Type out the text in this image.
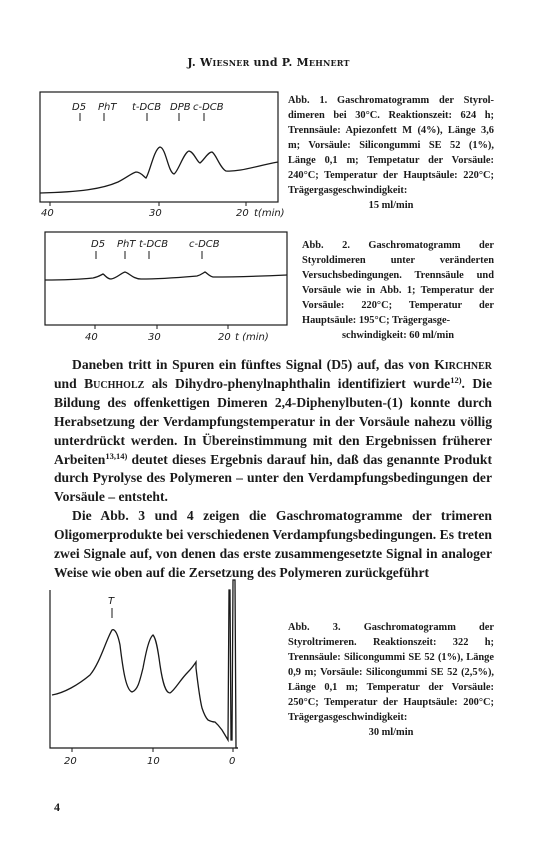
J. Wiesner und P. Mehnert
D5 PhT t-DCB DPB c-DCB
40	30	20 t(min)
Abb. 1. Gaschromatogramm der Styrol-dimeren bei 30°C. Reaktionszeit: 624 h; Trennsäule: Apiezonfett M (4%), Länge 3,6 m; Vorsäule: Silicongummi SE 52 (1%), Länge 0,1 m; Tempetatur der Vorsäule: 240°C; Temperatur der Hauptsäule: 220°C; Trägergasgeschwindigkeit:
15 ml/min
D5 PhT t-DCB c-DCB
40	30	20 t (min)
Abb. 2. Gaschromatogramm der Styroldimeren unter veränderten Versuchsbedingungen. Trennsäule und Vorsäule wie in Abb. 1; Temperatur der Vorsäule: 220°C; Temperatur der Hauptsäule: 195°C; Trägergasge-
schwindigkeit: 60 ml/min

Daneben tritt in Spuren ein fünftes Signal (D5) auf, das von Kirchner und Buchholz als Dihydro-phenylnaphthalin identifiziert wurde$^{12)}$. Die Bildung des offenkettigen Dimeren 2,4-Diphenylbuten-(1) konnte durch Herabsetzung der Verdampfungstemperatur in der Vorsäule nahezu völlig unterdrückt werden. In Übereinstimmung mit den Ergebnissen früherer Arbeiten$^{13,14)}$ deutet dieses Ergebnis darauf hin, daß das genannte Produkt durch Pyrolyse des Polymeren – unter den Verdampfungsbedingungen der Vorsäule – entsteht.

Die Abb. 3 und 4 zeigen die Gaschromatogramme der trimeren Oligomerprodukte bei verschiedenen Verdampfungsbedingungen. Es treten zwei Signale auf, von denen das erste zusammengesetzte Signal in analoger Weise wie oben auf die Zersetzung des Polymeren zurückgeführt

T
20	10	0
Abb. 3. Gaschromatogramm der Styroltrimeren. Reaktionszeit: 322 h; Trennsäule: Silicongummi SE 52 (1%), Länge 0,9 m; Vorsäule: Silicongummi SE 52 (2,5%), Länge 0,1 m; Temperatur der Vorsäule: 250°C; Temperatur der Hauptsäule: 200°C; Trägergasgeschwindigkeit:
30 ml/min
4
